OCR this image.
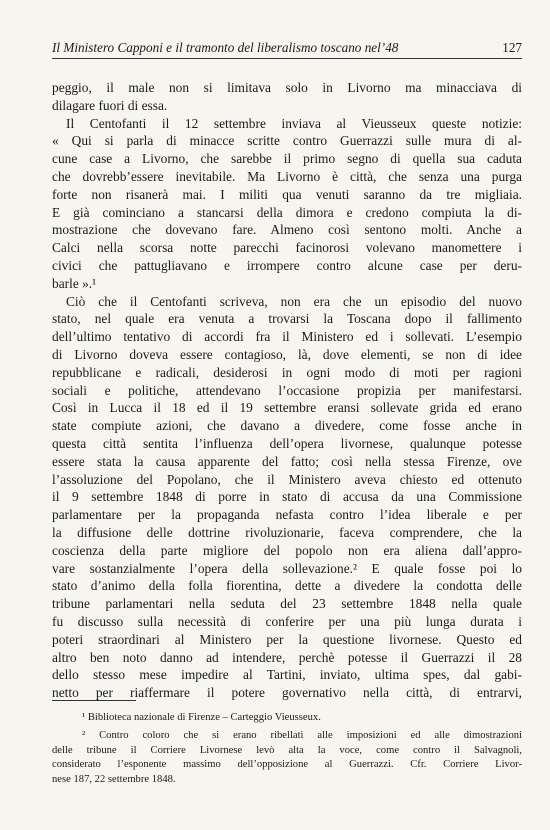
Il Ministero Capponi e il tramonto del liberalismo toscano nel’48	127
peggio, il male non si limitava solo in Livorno ma minacciava di
dilagare fuori di essa.
Il Centofanti il 12 settembre inviava al Vieusseux queste notizie:
« Qui si parla di minacce scritte contro Guerrazzi sulle mura di al-
cune case a Livorno, che sarebbe il primo segno di quella sua caduta
che dovrebb’essere inevitabile. Ma Livorno è città, che senza una purga
forte non risanerà mai. I militi qua venuti saranno da tre migliaia.
E già cominciano a stancarsi della dimora e credono compiuta la di-
mostrazione che dovevano fare. Almeno così sentono molti. Anche a
Calci nella scorsa notte parecchi facinorosi volevano manomettere i
civici che pattugliavano e irrompere contro alcune case per deru-
barle ».¹
Ciò che il Centofanti scriveva, non era che un episodio del nuovo
stato, nel quale era venuta a trovarsi la Toscana dopo il fallimento
dell’ultimo tentativo di accordi fra il Ministero ed i sollevati. L’esempio
di Livorno doveva essere contagioso, là, dove elementi, se non di idee
repubblicane e radicali, desiderosi in ogni modo di moti per ragioni
sociali e politiche, attendevano l’occasione propizia per manifestarsi.
Così in Lucca il 18 ed il 19 settembre eransi sollevate grida ed erano
state compiute azioni, che davano a divedere, come fosse anche in
questa città sentita l’influenza dell’opera livornese, qualunque potesse
essere stata la causa apparente del fatto; così nella stessa Firenze, ove
l’assoluzione del Popolano, che il Ministero aveva chiesto ed ottenuto
il 9 settembre 1848 di porre in stato di accusa da una Commissione
parlamentare per la propaganda nefasta contro l’idea liberale e per
la diffusione delle dottrine rivoluzionarie, faceva comprendere, che la
coscienza della parte migliore del popolo non era aliena dall’appro-
vare sostanzialmente l’opera della sollevazione.² E quale fosse poi lo
stato d’animo della folla fiorentina, dette a divedere la condotta delle
tribune parlamentari nella seduta del 23 settembre 1848 nella quale
fu discusso sulla necessità di conferire per una più lunga durata i
poteri straordinari al Ministero per la questione livornese. Questo ed
altro ben noto danno ad intendere, perchè potesse il Guerrazzi il 28
dello stesso mese impedire al Tartini, inviato, ultima spes, dal gabi-
netto per riaffermare il potere governativo nella città, di entrarvi,
¹ Biblioteca nazionale di Firenze – Carteggio Vieusseux.
² Contro coloro che si erano ribellati alle imposizioni ed alle dimostrazioni
delle tribune il Corriere Livornese levò alta la voce, come contro il Salvagnoli,
considerato l’esponente massimo dell’opposizione al Guerrazzi. Cfr. Corriere Livor-
nese 187, 22 settembre 1848.
